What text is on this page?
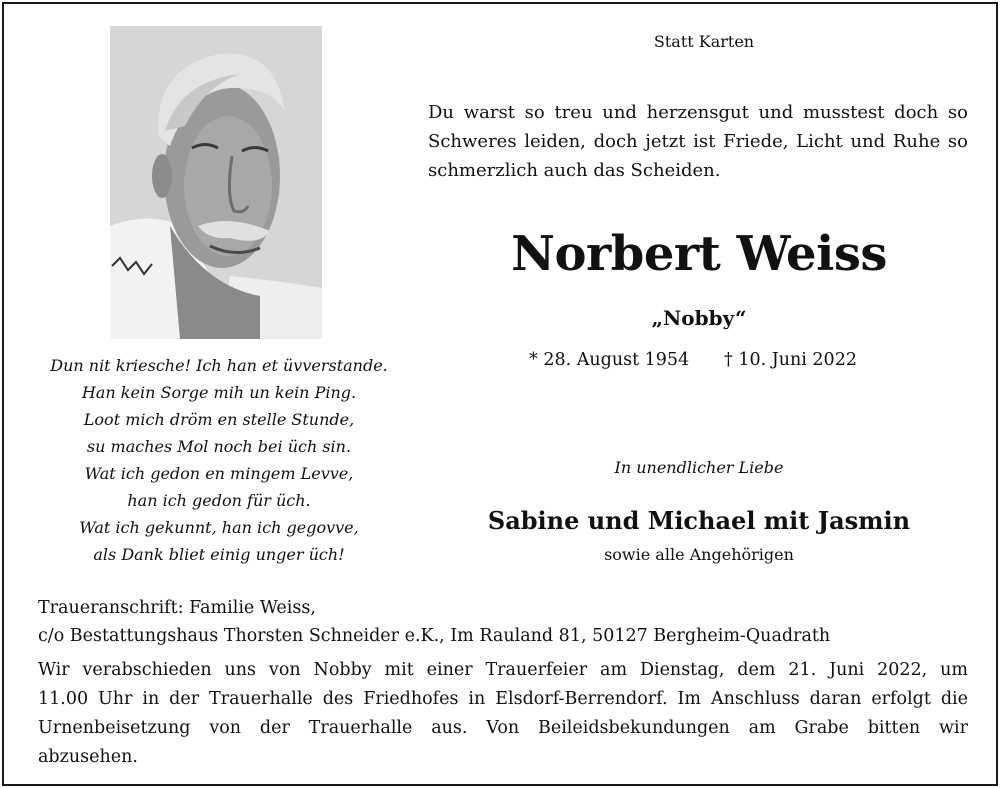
Statt Karten
Du warst so treu und herzensgut und musstest doch so
Schweres leiden, doch jetzt ist Friede, Licht und Ruhe so
schmerzlich auch das Scheiden.
Norbert Weiss
„Nobby“
* 28. August 1954 † 10. Juni 2022
Dun nit kriesche! Ich han et üvverstande.
Han kein Sorge mih un kein Ping.
Loot mich dröm en stelle Stunde,
su maches Mol noch bei üch sin.
Wat ich gedon en mingem Levve,
han ich gedon für üch.
Wat ich gekunnt, han ich gegovve,
als Dank bliet einig unger üch!
In unendlicher Liebe
Sabine und Michael mit Jasmin
sowie alle Angehörigen
Traueranschrift: Familie Weiss,
c/o Bestattungshaus Thorsten Schneider e.K., Im Rauland 81, 50127 Bergheim-Quadrath
Wir verabschieden uns von Nobby mit einer Trauerfeier am Dienstag, dem 21. Juni 2022, um
11.00 Uhr in der Trauerhalle des Friedhofes in Elsdorf-Berrendorf. Im Anschluss daran erfolgt die
Urnenbeisetzung von der Trauerhalle aus. Von Beileidsbekundungen am Grabe bitten wir
abzusehen.
